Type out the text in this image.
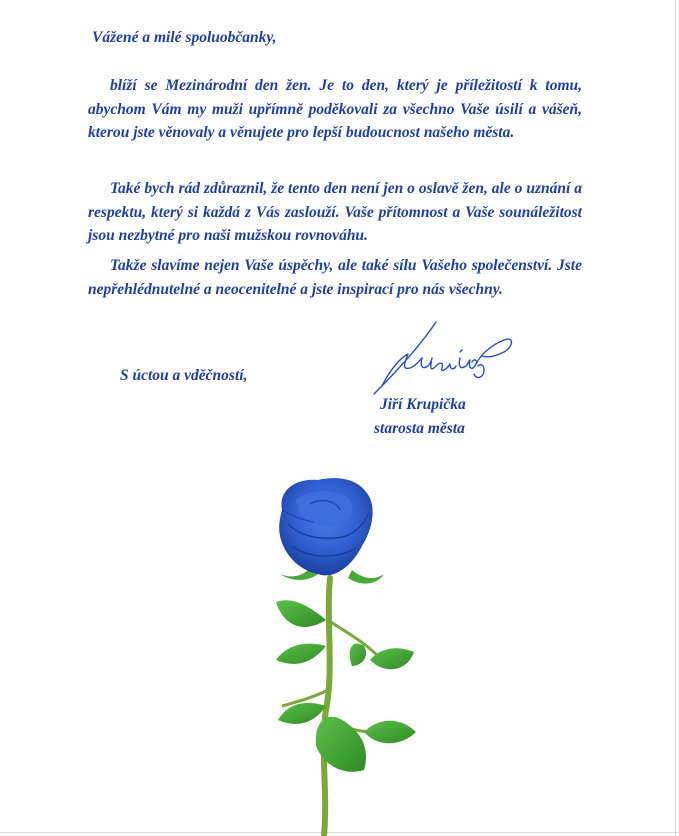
Vážené a milé spoluobčanky,
blíží se Mezinárodní den žen. Je to den, který je příležitostí k tomu, abychom Vám my muži upřímně poděkovali za všechno Vaše úsilí a vášeň, kterou jste věnovaly a věnujete pro lepší budoucnost našeho města.
Také bych rád zdůraznil, že tento den není jen o oslavě žen, ale o uznání a respektu, který si každá z Vás zaslouží. Vaše přítomnost a Vaše sounáležitost jsou nezbytné pro naši mužskou rovnováhu.
Takže slavíme nejen Vaše úspěchy, ale také sílu Vašeho společenství. Jste nepřehlédnutelné a neocenitelné a jste inspirací pro nás všechny.
S úctou a vděčností,
Jiří Krupička
starosta města
